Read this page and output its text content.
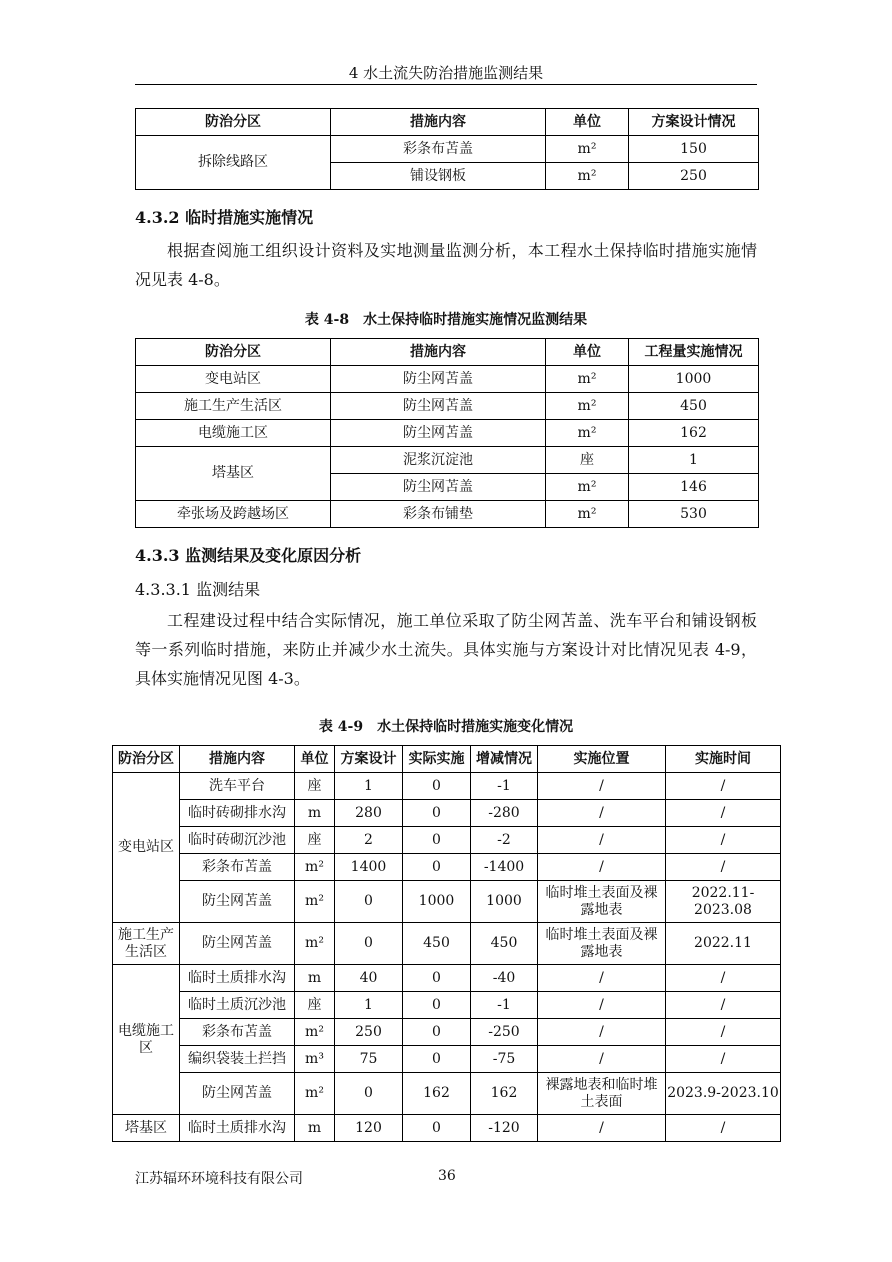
4 水土流失防治措施监测结果
防治分区	措施内容	单位	方案设计情况
拆除线路区	彩条布苫盖	m²	150
	铺设钢板	m²	250
4.3.2 临时措施实施情况
根据查阅施工组织设计资料及实地测量监测分析，本工程水土保持临时措施实施情况见表 4-8。
表 4-8　水土保持临时措施实施情况监测结果
防治分区	措施内容	单位	工程量实施情况
变电站区	防尘网苫盖	m²	1000
施工生产生活区	防尘网苫盖	m²	450
电缆施工区	防尘网苫盖	m²	162
塔基区	泥浆沉淀池	座	1
	防尘网苫盖	m²	146
牵张场及跨越场区	彩条布铺垫	m²	530
4.3.3 监测结果及变化原因分析
4.3.3.1 监测结果
工程建设过程中结合实际情况，施工单位采取了防尘网苫盖、洗车平台和铺设钢板等一系列临时措施，来防止并减少水土流失。具体实施与方案设计对比情况见表 4-9，具体实施情况见图 4-3。
表 4-9　水土保持临时措施实施变化情况
防治分区	措施内容	单位	方案设计	实际实施	增减情况	实施位置	实施时间
变电站区	洗车平台	座	1	0	-1	/	/
	临时砖砌排水沟	m	280	0	-280	/	/
	临时砖砌沉沙池	座	2	0	-2	/	/
	彩条布苫盖	m²	1400	0	-1400	/	/
	防尘网苫盖	m²	0	1000	1000	临时堆土表面及裸露地表	2022.11-2023.08
施工生产生活区	防尘网苫盖	m²	0	450	450	临时堆土表面及裸露地表	2022.11
电缆施工区	临时土质排水沟	m	40	0	-40	/	/
	临时土质沉沙池	座	1	0	-1	/	/
	彩条布苫盖	m²	250	0	-250	/	/
	编织袋装土拦挡	m³	75	0	-75	/	/
	防尘网苫盖	m²	0	162	162	裸露地表和临时堆土表面	2023.9-2023.10
塔基区	临时土质排水沟	m	120	0	-120	/	/
江苏辐环环境科技有限公司	36
